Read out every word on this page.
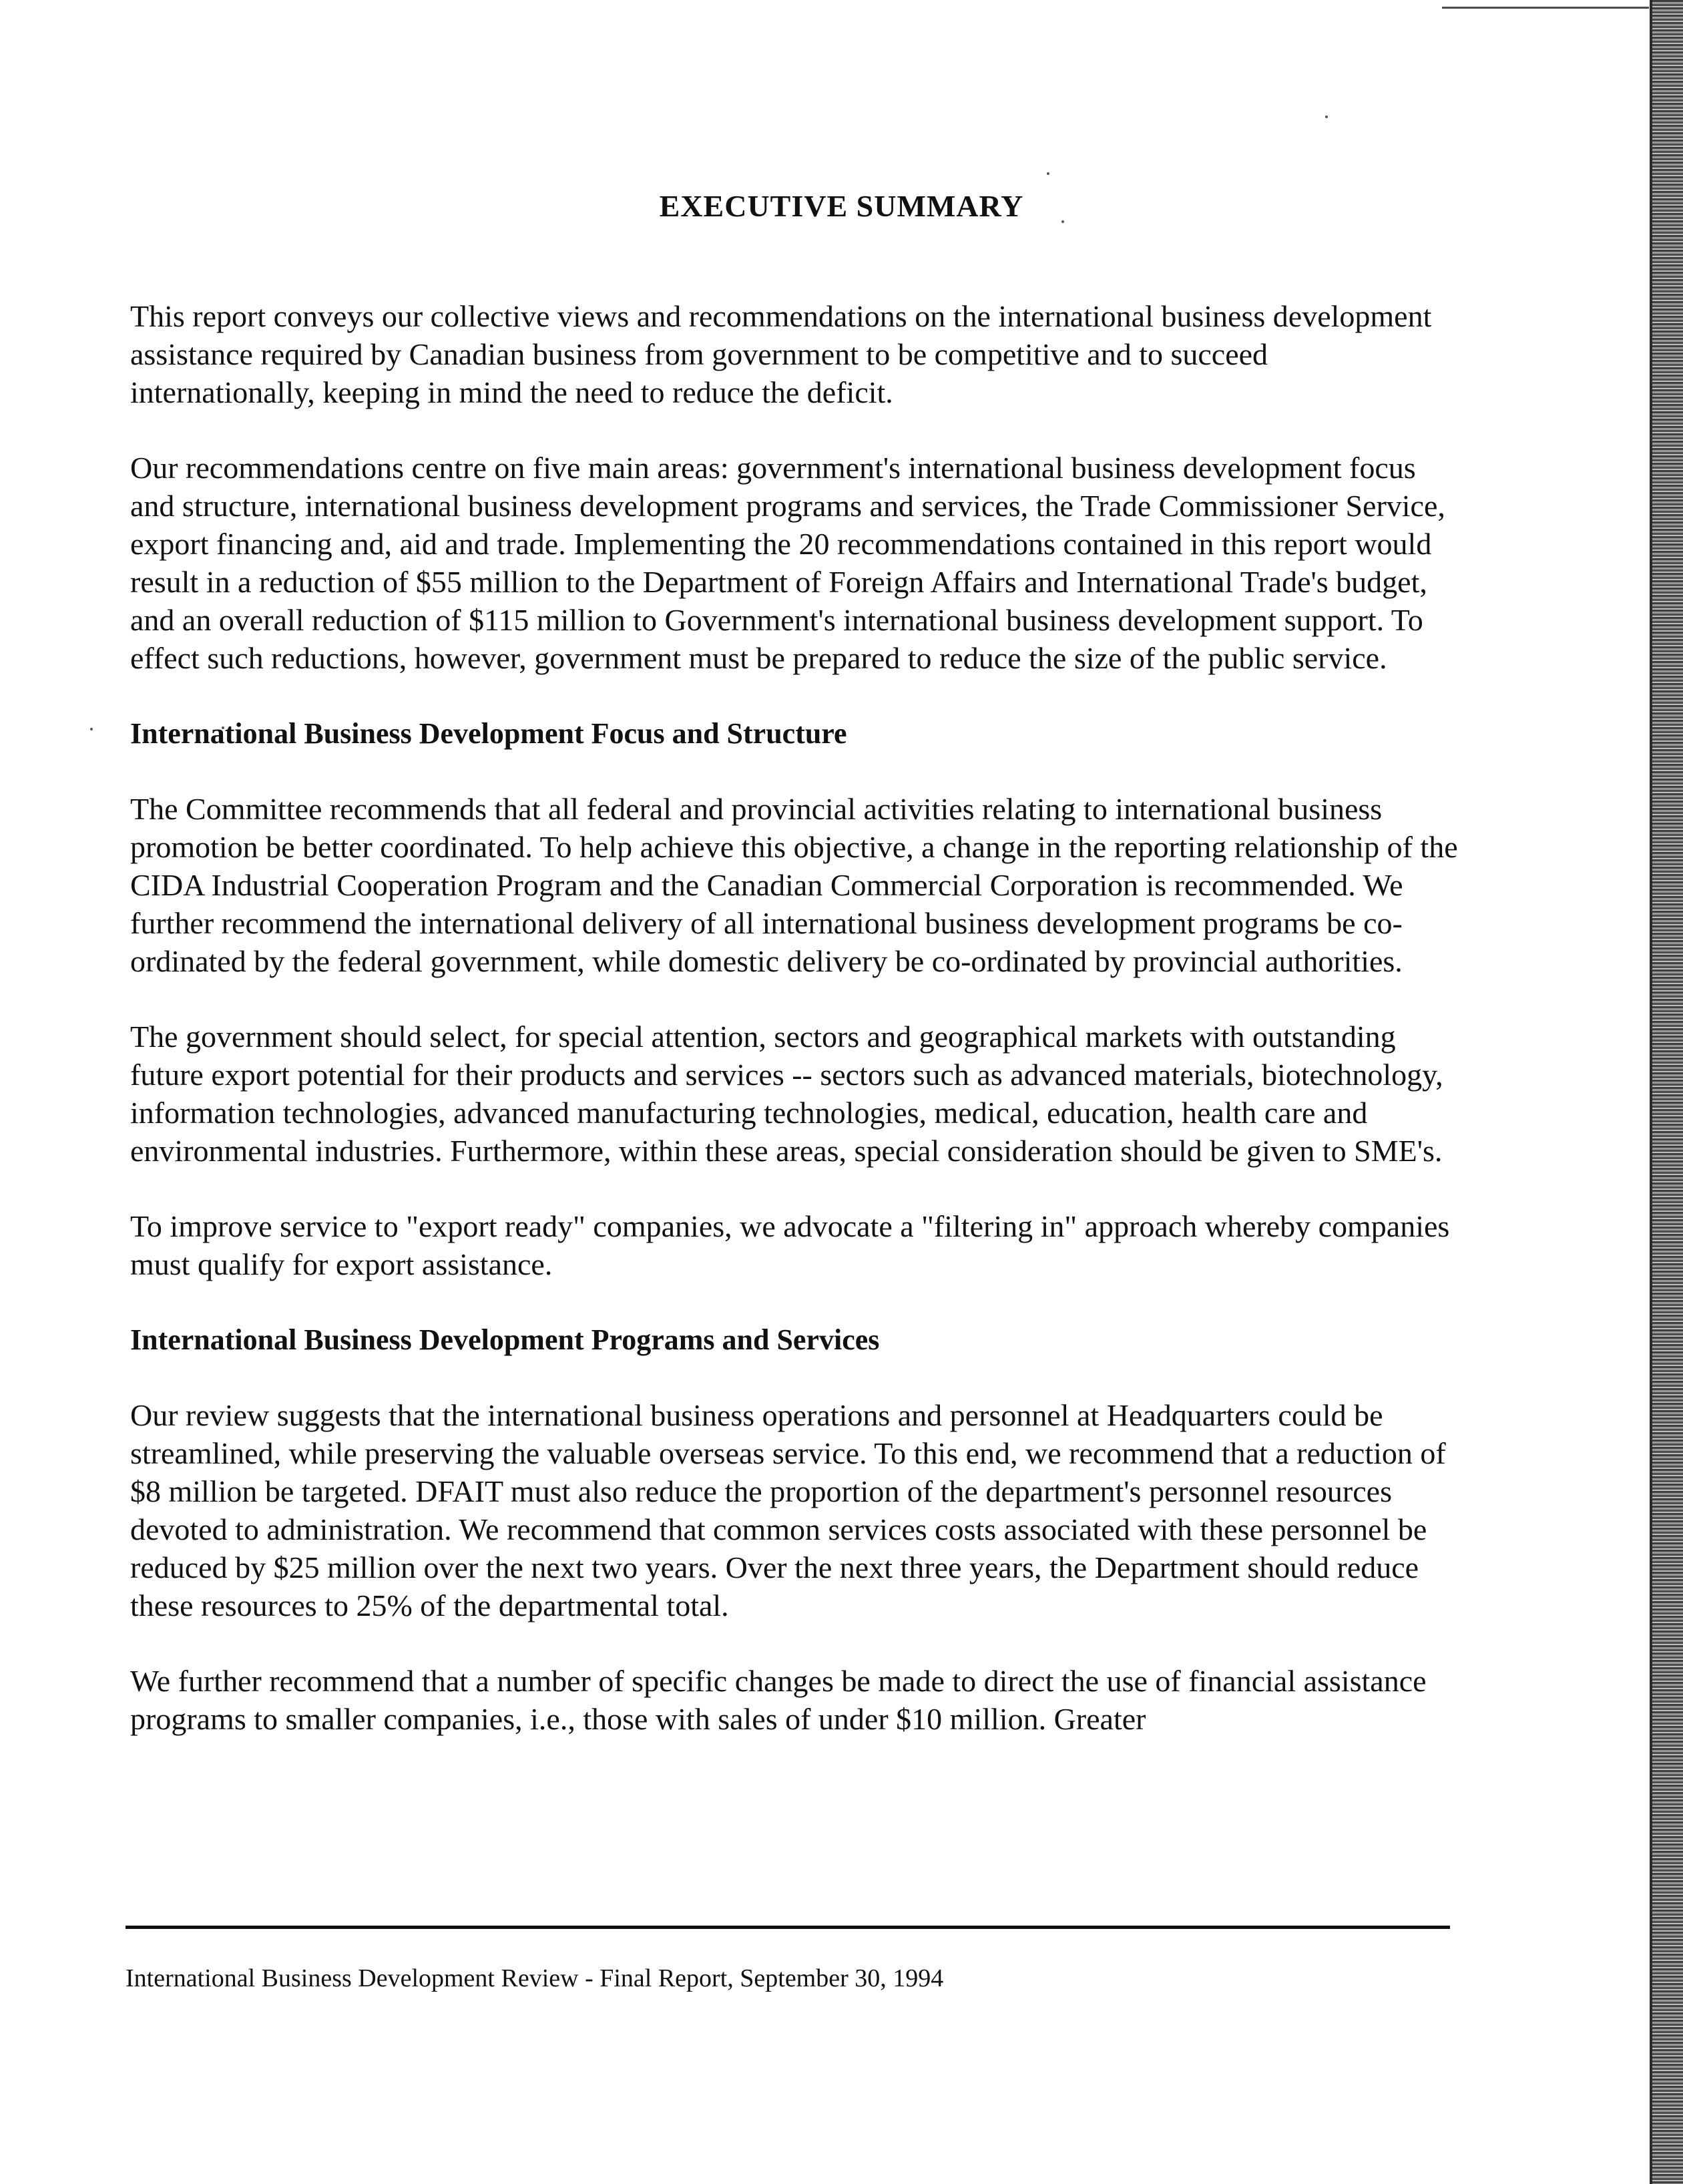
EXECUTIVE SUMMARY

This report conveys our collective views and recommendations on the international business development assistance required by Canadian business from government to be competitive and to succeed internationally, keeping in mind the need to reduce the deficit.

Our recommendations centre on five main areas: government's international business development focus and structure, international business development programs and services, the Trade Commissioner Service, export financing and, aid and trade. Implementing the 20 recommendations contained in this report would result in a reduction of $55 million to the Department of Foreign Affairs and International Trade's budget, and an overall reduction of $115 million to Government's international business development support. To effect such reductions, however, government must be prepared to reduce the size of the public service.

International Business Development Focus and Structure

The Committee recommends that all federal and provincial activities relating to international business promotion be better coordinated. To help achieve this objective, a change in the reporting relationship of the CIDA Industrial Cooperation Program and the Canadian Commercial Corporation is recommended. We further recommend the international delivery of all international business development programs be co-ordinated by the federal government, while domestic delivery be co-ordinated by provincial authorities.

The government should select, for special attention, sectors and geographical markets with outstanding future export potential for their products and services -- sectors such as advanced materials, biotechnology, information technologies, advanced manufacturing technologies, medical, education, health care and environmental industries. Furthermore, within these areas, special consideration should be given to SME's.

To improve service to "export ready" companies, we advocate a "filtering in" approach whereby companies must qualify for export assistance.

International Business Development Programs and Services

Our review suggests that the international business operations and personnel at Headquarters could be streamlined, while preserving the valuable overseas service. To this end, we recommend that a reduction of $8 million be targeted. DFAIT must also reduce the proportion of the department's personnel resources devoted to administration. We recommend that common services costs associated with these personnel be reduced by $25 million over the next two years. Over the next three years, the Department should reduce these resources to 25% of the departmental total.

We further recommend that a number of specific changes be made to direct the use of financial assistance programs to smaller companies, i.e., those with sales of under $10 million. Greater

International Business Development Review - Final Report, September 30, 1994
